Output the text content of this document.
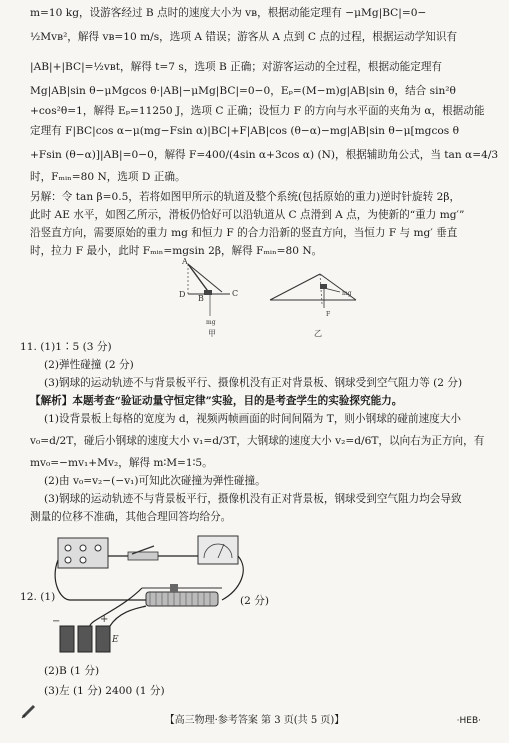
m=10 kg，设游客经过 B 点时的速度大小为 vʙ，根据动能定理有 −μMg|BC|=0−
½Mvʙ²，解得 vʙ=10 m/s，选项 A 错误；游客从 A 点到 C 点的过程，根据运动学知识有
|AB|+|BC|=½vʙt，解得 t=7 s，选项 B 正确；对游客运动的全过程，根据动能定理有
Mg|AB|sin θ−μMgcos θ·|AB|−μMg|BC|=0−0，Eₚ=(M−m)g|AB|sin θ，结合 sin²θ
+cos²θ=1，解得 Eₚ=11250 J，选项 C 正确；设恒力 F 的方向与水平面的夹角为 α，根据动能
定理有 F|BC|cos α−μ(mg−Fsin α)|BC|+F|AB|cos (θ−α)−mg|AB|sin θ−μ[mgcos θ
+Fsin (θ−α)]|AB|=0−0，解得 F=400/(4sin α+3cos α) (N)，根据辅助角公式，当 tan α=4/3
时，Fₘᵢₙ=80 N，选项 D 正确。
另解：令 tan β=0.5，若将如图甲所示的轨道及整个系统(包括原始的重力)逆时针旋转 2β，
此时 AE 水平，如图乙所示，滑板仍恰好可以沿轨道从 C 点滑到 A 点，为使新的“重力 mg′”
沿竖直方向，需要原始的重力 mg 和恒力 F 的合力沿新的竖直方向，当恒力 F 与 mg′ 垂直
时，拉力 F 最小，此时 Fₘᵢₙ=mgsin 2β，解得 Fₘᵢₙ=80 N。
A
D B
C
mg
甲
mg
F
乙
11. (1)1∶5 (3 分)
(2)弹性碰撞 (2 分)
(3)钢球的运动轨迹不与背景板平行、摄像机没有正对背景板、钢球受到空气阻力等 (2 分)
【解析】本题考查“验证动量守恒定律”实验，目的是考查学生的实验探究能力。
(1)设背景板上每格的宽度为 d，视频两帧画面的时间间隔为 T，则小钢球的碰前速度大小
v₀=d/2T，碰后小钢球的速度大小 v₁=d/3T，大钢球的速度大小 v₂=d/6T，以向右为正方向，有
mv₀=−mv₁+Mv₂，解得 m∶M=1∶5。
(2)由 v₀=v₂−(−v₁)可知此次碰撞为弹性碰撞。
(3)钢球的运动轨迹不与背景板平行，摄像机没有正对背景板，钢球受到空气阻力均会导致
测量的位移不准确，其他合理回答均给分。
12. (1)	(2 分)
−	+
E
(2)B (1 分)
(3)左 (1 分) 2400 (1 分)
【高三物理·参考答案 第 3 页(共 5 页)】	·HEB·
